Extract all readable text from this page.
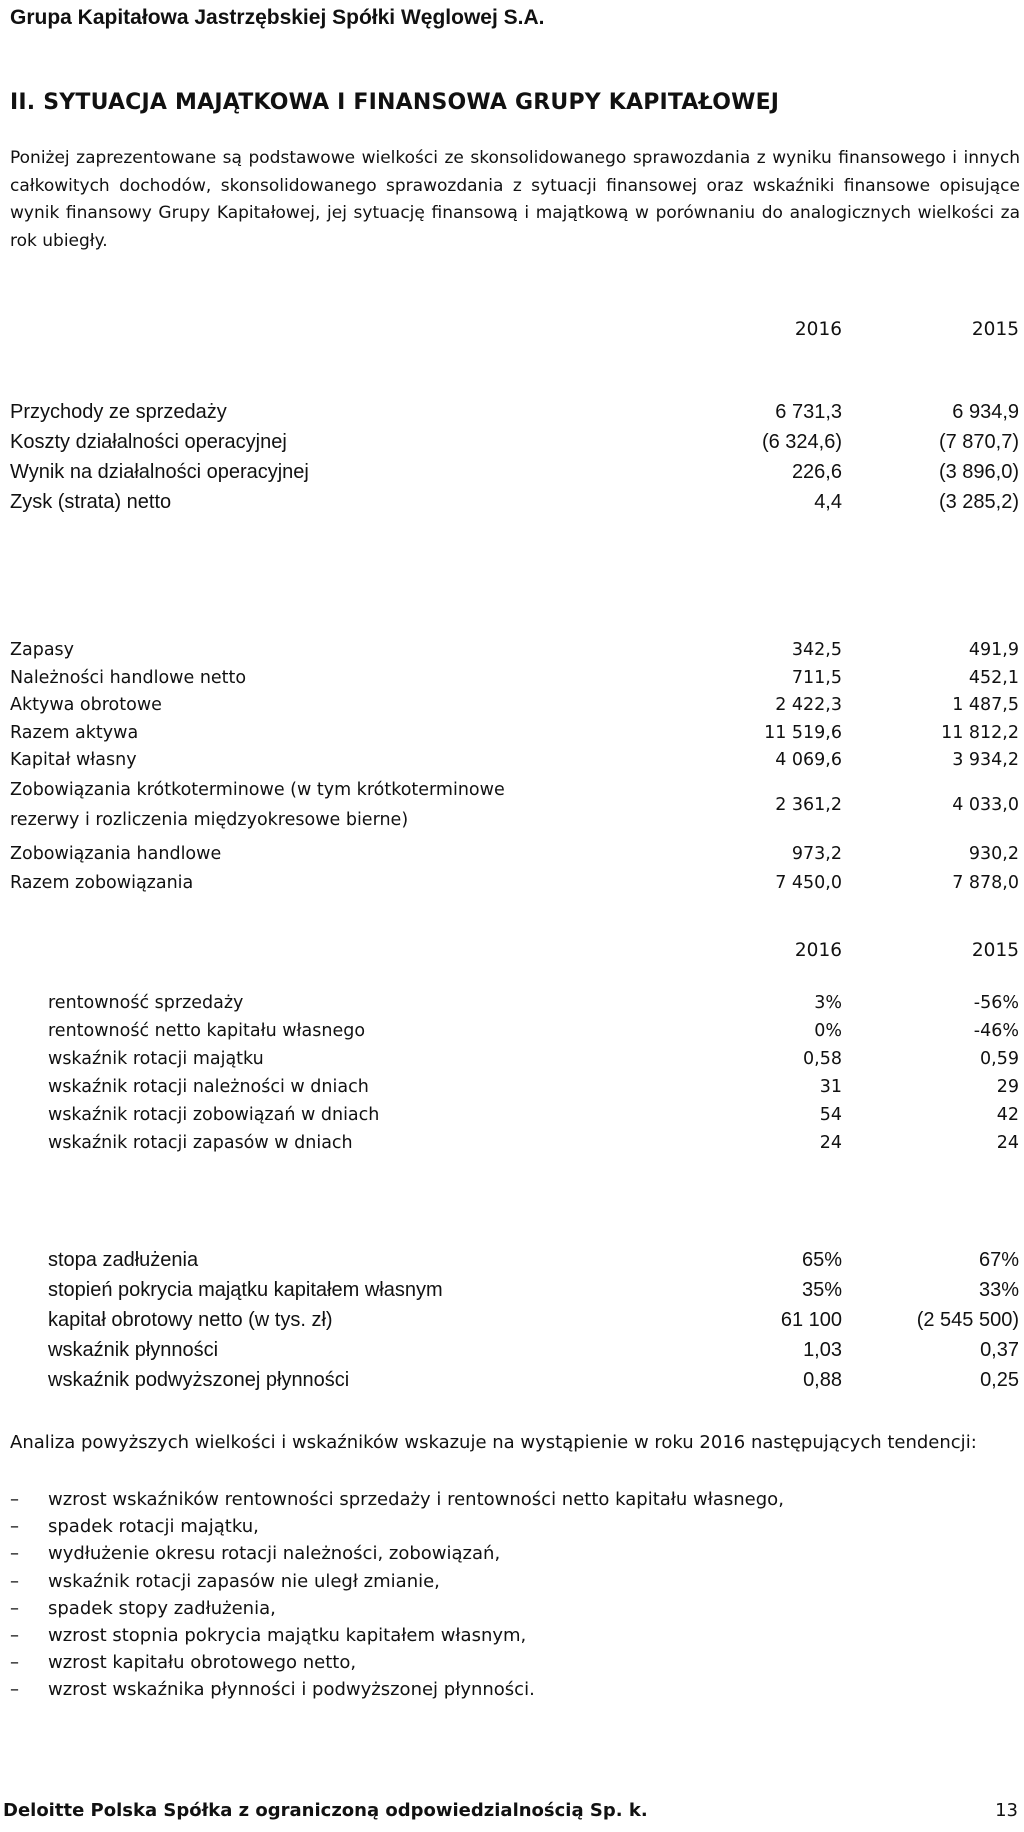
Grupa Kapitałowa Jastrzębskiej Spółki Węglowej S.A.
II. SYTUACJA MAJĄTKOWA I FINANSOWA GRUPY KAPITAŁOWEJ

Poniżej zaprezentowane są podstawowe wielkości ze skonsolidowanego sprawozdania z wyniku finansowego i innych całkowitych dochodów, skonsolidowanego sprawozdania z sytuacji finansowej oraz wskaźniki finansowe opisujące wynik finansowy Grupy Kapitałowej, jej sytuację finansową i majątkową w porównaniu do analogicznych wielkości za rok ubiegły.

2016	2015
Przychody ze sprzedaży	6 731,3	6 934,9
Koszty działalności operacyjnej	(6 324,6)	(7 870,7)
Wynik na działalności operacyjnej	226,6	(3 896,0)
Zysk (strata) netto	4,4	(3 285,2)
Zapasy	342,5	491,9
Należności handlowe netto	711,5	452,1
Aktywa obrotowe	2 422,3	1 487,5
Razem aktywa	11 519,6	11 812,2
Kapitał własny	4 069,6	3 934,2
Zobowiązania krótkoterminowe (w tym krótkoterminowe
rezerwy i rozliczenia międzyokresowe bierne)
2 361,2	4 033,0
Zobowiązania handlowe	973,2	930,2
Razem zobowiązania	7 450,0	7 878,0
2016	2015
rentowność sprzedaży	3%	-56%
rentowność netto kapitału własnego	0%	-46%
wskaźnik rotacji majątku	0,58	0,59
wskaźnik rotacji należności w dniach	31	29
wskaźnik rotacji zobowiązań w dniach	54	42
wskaźnik rotacji zapasów w dniach	24	24
stopa zadłużenia	65%	67%
stopień pokrycia majątku kapitałem własnym	35%	33%
kapitał obrotowy netto (w tys. zł)	61 100	(2 545 500)
wskaźnik płynności	1,03	0,37
wskaźnik podwyższonej płynności	0,88	0,25

Analiza powyższych wielkości i wskaźników wskazuje na wystąpienie w roku 2016 następujących tendencji:

– wzrost wskaźników rentowności sprzedaży i rentowności netto kapitału własnego,
– spadek rotacji majątku,
– wydłużenie okresu rotacji należności, zobowiązań,
– wskaźnik rotacji zapasów nie uległ zmianie,
– spadek stopy zadłużenia,
– wzrost stopnia pokrycia majątku kapitałem własnym,
– wzrost kapitału obrotowego netto,
– wzrost wskaźnika płynności i podwyższonej płynności.
Deloitte Polska Spółka z ograniczoną odpowiedzialnością Sp. k.	13
